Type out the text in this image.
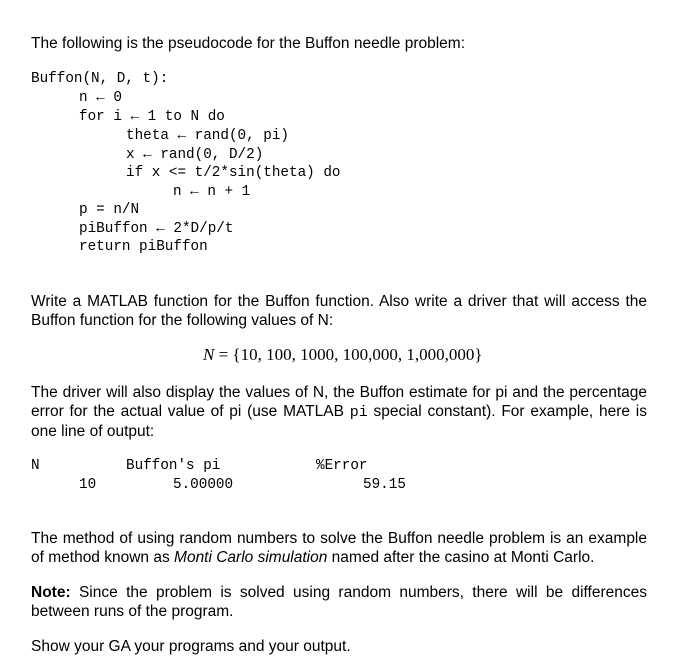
The following is the pseudocode for the Buffon needle problem:
Buffon(N, D, t):
n ← 0
for i ← 1 to N do
theta ← rand(0, pi)
x ← rand(0, D/2)
if x <= t/2*sin(theta) do
n ← n + 1
p = n/N
piBuffon ← 2*D/p/t
return piBuffon
Write a MATLAB function for the Buffon function. Also write a driver that will access the Buffon function for the following values of N:
N = {10, 100, 1000, 100,000, 1,000,000}
The driver will also display the values of N, the Buffon estimate for pi and the percentage error for the actual value of pi (use MATLAB pi special constant). For example, here is one line of output:
N	Buffon's pi	%Error
10	5.00000	59.15
The method of using random numbers to solve the Buffon needle problem is an example of method known as Monti Carlo simulation named after the casino at Monti Carlo.
Note: Since the problem is solved using random numbers, there will be differences between runs of the program.
Show your GA your programs and your output.
